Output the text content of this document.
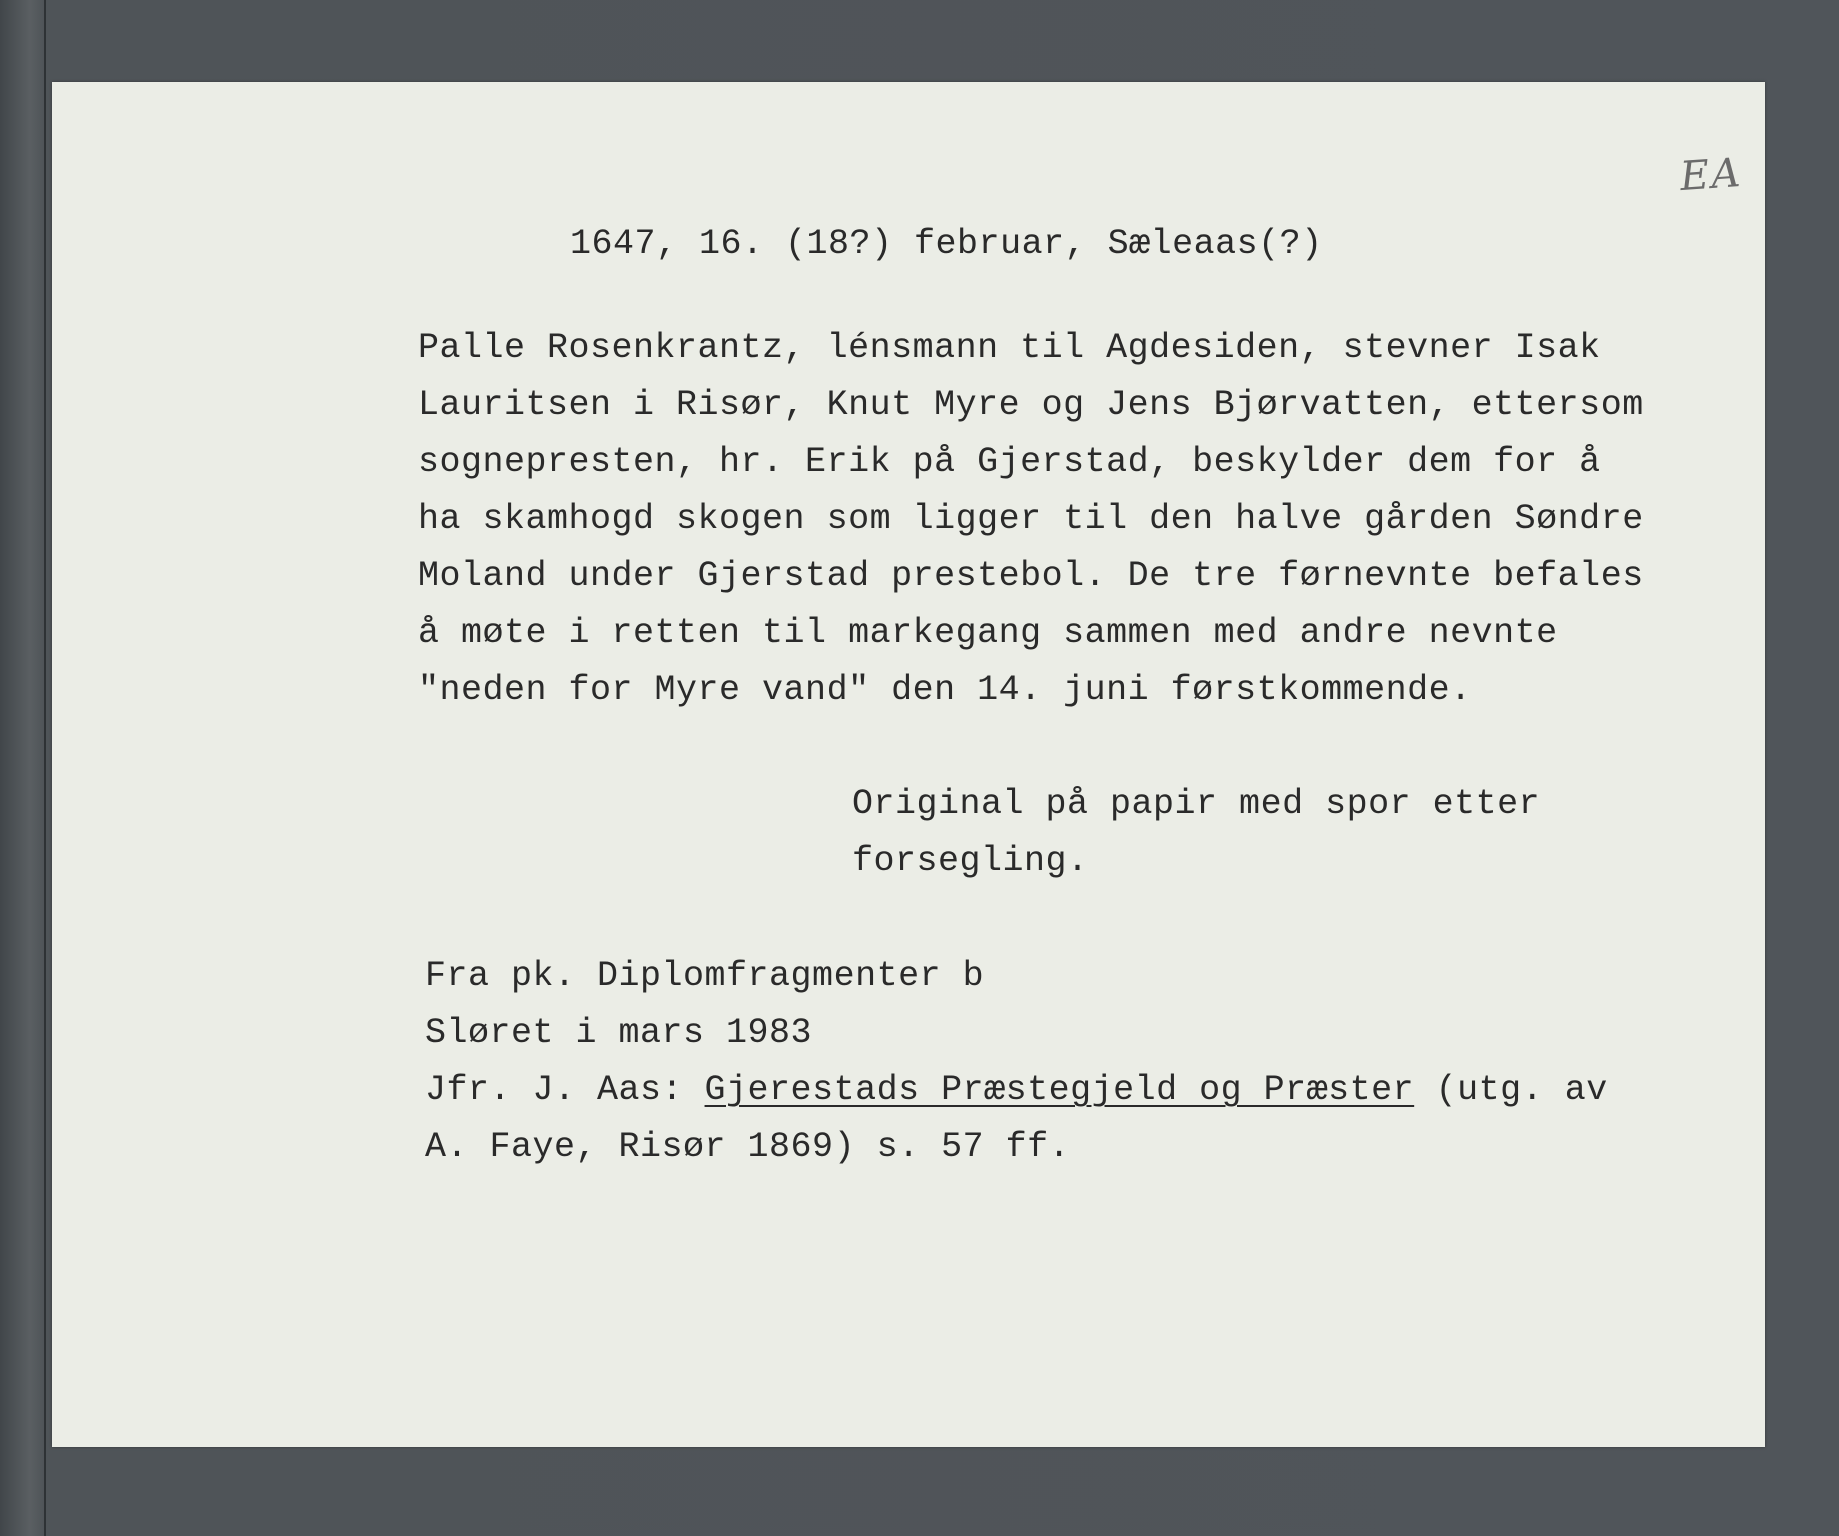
EA

1647, 16. (18?) februar, Sæleaas(?)

Palle Rosenkrantz, lénsmann til Agdesiden, stevner Isak

Lauritsen i Risør, Knut Myre og Jens Bjørvatten, ettersom

sognepresten, hr. Erik på Gjerstad, beskylder dem for å

ha skamhogd skogen som ligger til den halve gården Søndre

Moland under Gjerstad prestebol. De tre førnevnte befales

å møte i retten til markegang sammen med andre nevnte

"neden for Myre vand" den 14. juni førstkommende.

Original på papir med spor etter

forsegling.

Fra pk. Diplomfragmenter b

Sløret i mars 1983

Jfr. J. Aas: Gjerestads Præstegjeld og Præster (utg. av

A. Faye, Risør 1869) s. 57 ff.
